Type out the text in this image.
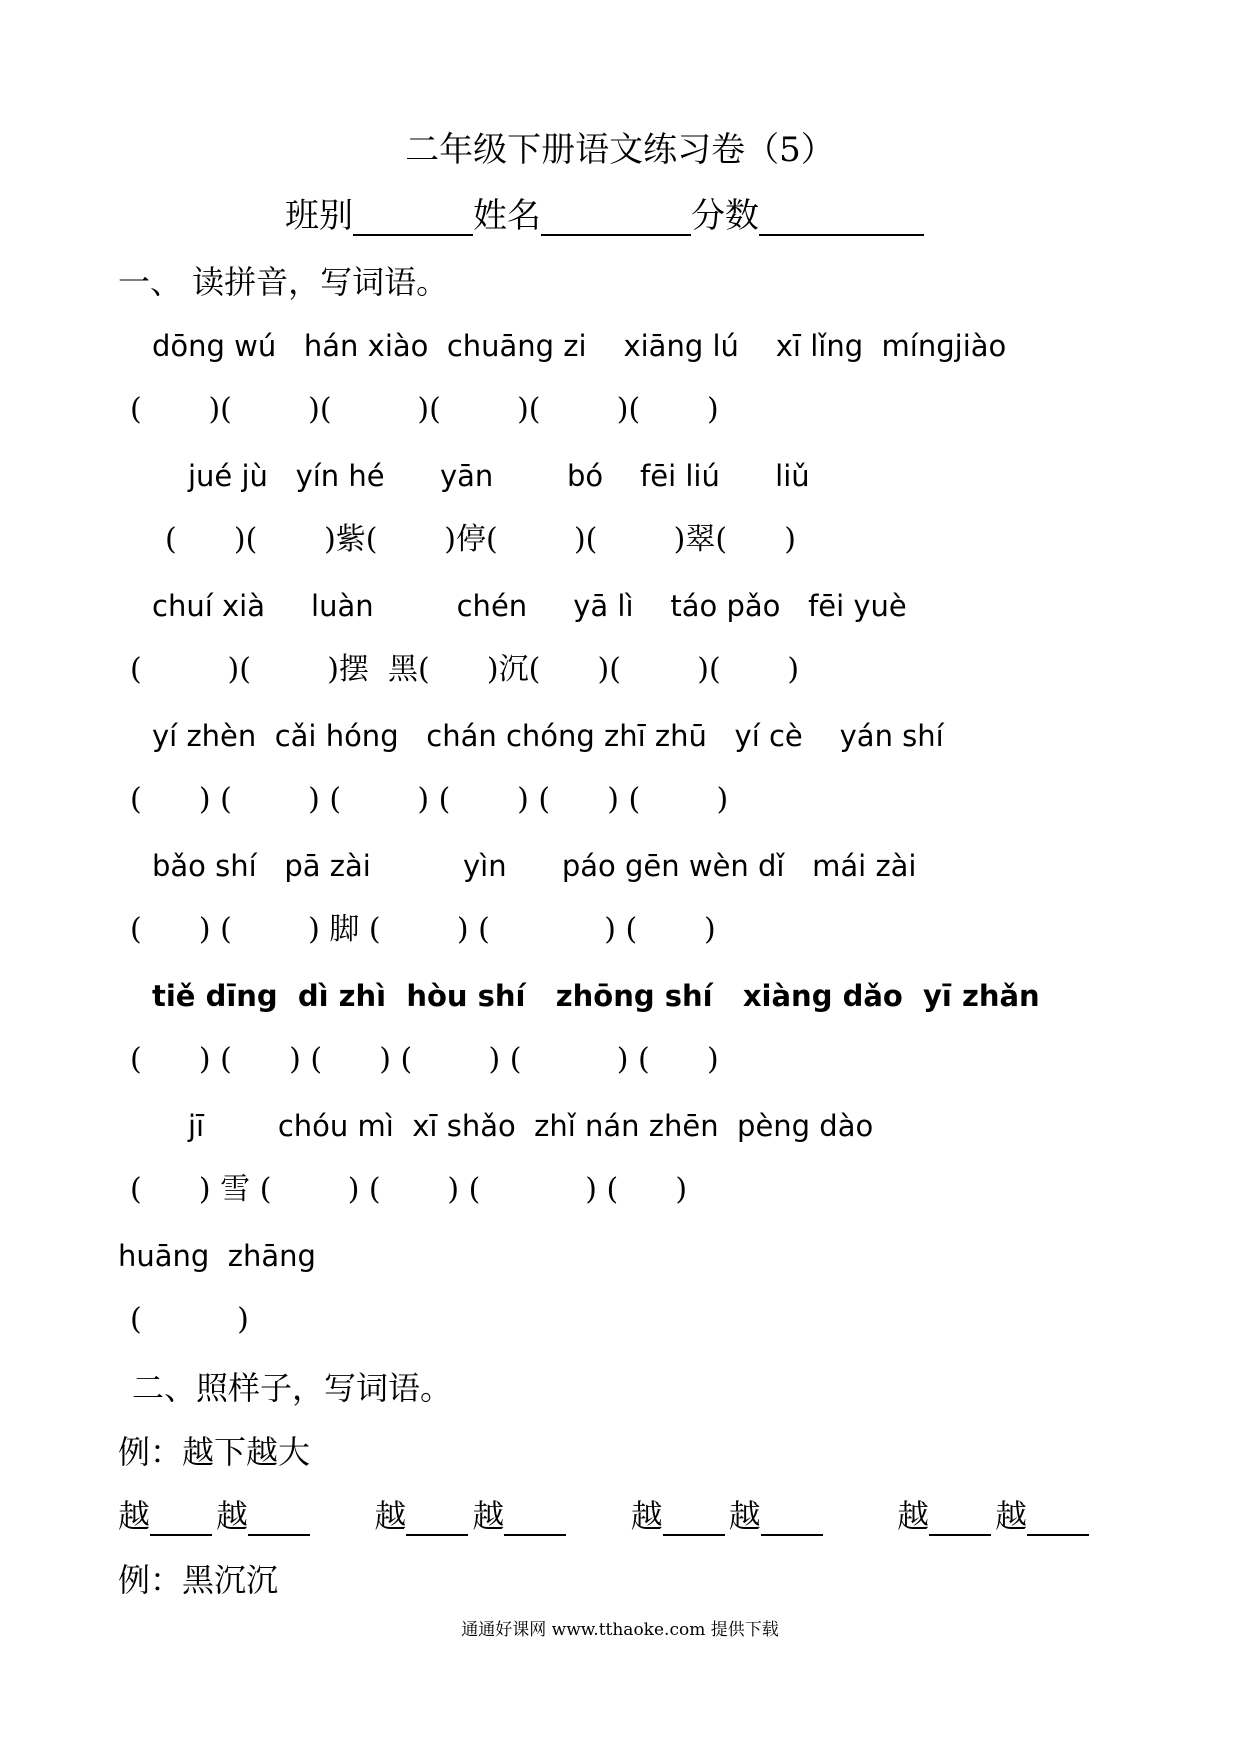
二年级下册语文练习卷（5）
班别	姓名	分数
一、 读拼音，写词语。
dōng wú   hán xiào  chuāng zi    xiāng lú    xī lǐng  mínɡjiào
(       )(        )(         )(        )(        )(       )
jué jù   yín hé      yān        bó    fēi liú      liǔ
(      )(       )紫(       )停(        )(        )翠(      )
chuí xià     luàn         chén     yā lì    táo pǎo   fēi yuè
(         )(        )摆  黑(      )沉(      )(        )(       )
yí zhèn  cǎi hóng   chán chóng zhī zhū   yí cè    yán shí
(      ) (        ) (        ) (       ) (      ) (        )
bǎo shí   pā zài          yìn      páo gēn wèn dǐ   mái zài
(      ) (        ) 脚 (        ) (            ) (       )
tiě dīng  dì zhì  hòu shí   zhōng shí   xiàng dǎo  yī zhǎn
(      ) (      ) (      ) (        ) (          ) (      )
jī        chóu mì  xī shǎo  zhǐ nán zhēn  pèng dào
(      ) 雪 (        ) (       ) (           ) (      )
huāng  zhāng
(          )
二、照样子，写词语。
例：越下越大
越 越	越 越	越 越	越 越
例：黑沉沉
通通好课网 www.tthaoke.com 提供下载
